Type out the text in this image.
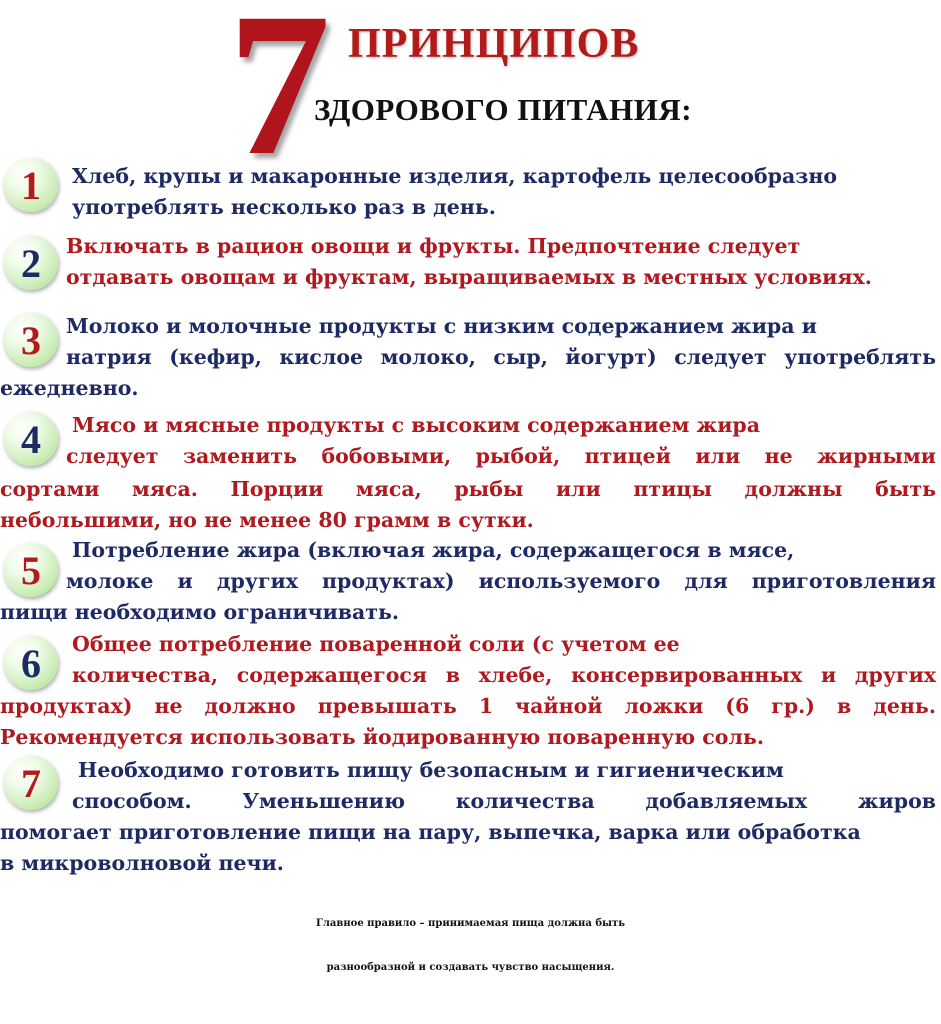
7 ПРИНЦИПОВ
ЗДОРОВОГО ПИТАНИЯ:
1	Хлеб, крупы и макаронные изделия, картофель целесообразно
употреблять несколько раз в день.
2	Включать в рацион овощи и фрукты. Предпочтение следует
отдавать овощам и фруктам, выращиваемых в местных условиях.
3	Молоко и молочные продукты с низким содержанием жира и
натрия (кефир, кислое молоко, сыр, йогурт) следует употреблять
ежедневно.
4	Мясо и мясные продукты с высоким содержанием жира
следует заменить бобовыми, рыбой, птицей или не жирными
сортами мяса. Порции мяса, рыбы или птицы должны быть
небольшими, но не менее 80 грамм в сутки.
5	Потребление жира (включая жира, содержащегося в мясе,
молоке и других продуктах) используемого для приготовления
пищи необходимо ограничивать.
6	Общее потребление поваренной соли (с учетом ее
количества, содержащегося в хлебе, консервированных и других
продуктах) не должно превышать 1 чайной ложки (6 гр.) в день.
Рекомендуется использовать йодированную поваренную соль.
7	Необходимо готовить пищу безопасным и гигиеническим
способом. Уменьшению количества добавляемых жиров
помогает приготовление пищи на пару, выпечка, варка или обработка
в микроволновой печи.
Главное правило – принимаемая пища должна быть
разнообразной и создавать чувство насыщения.
